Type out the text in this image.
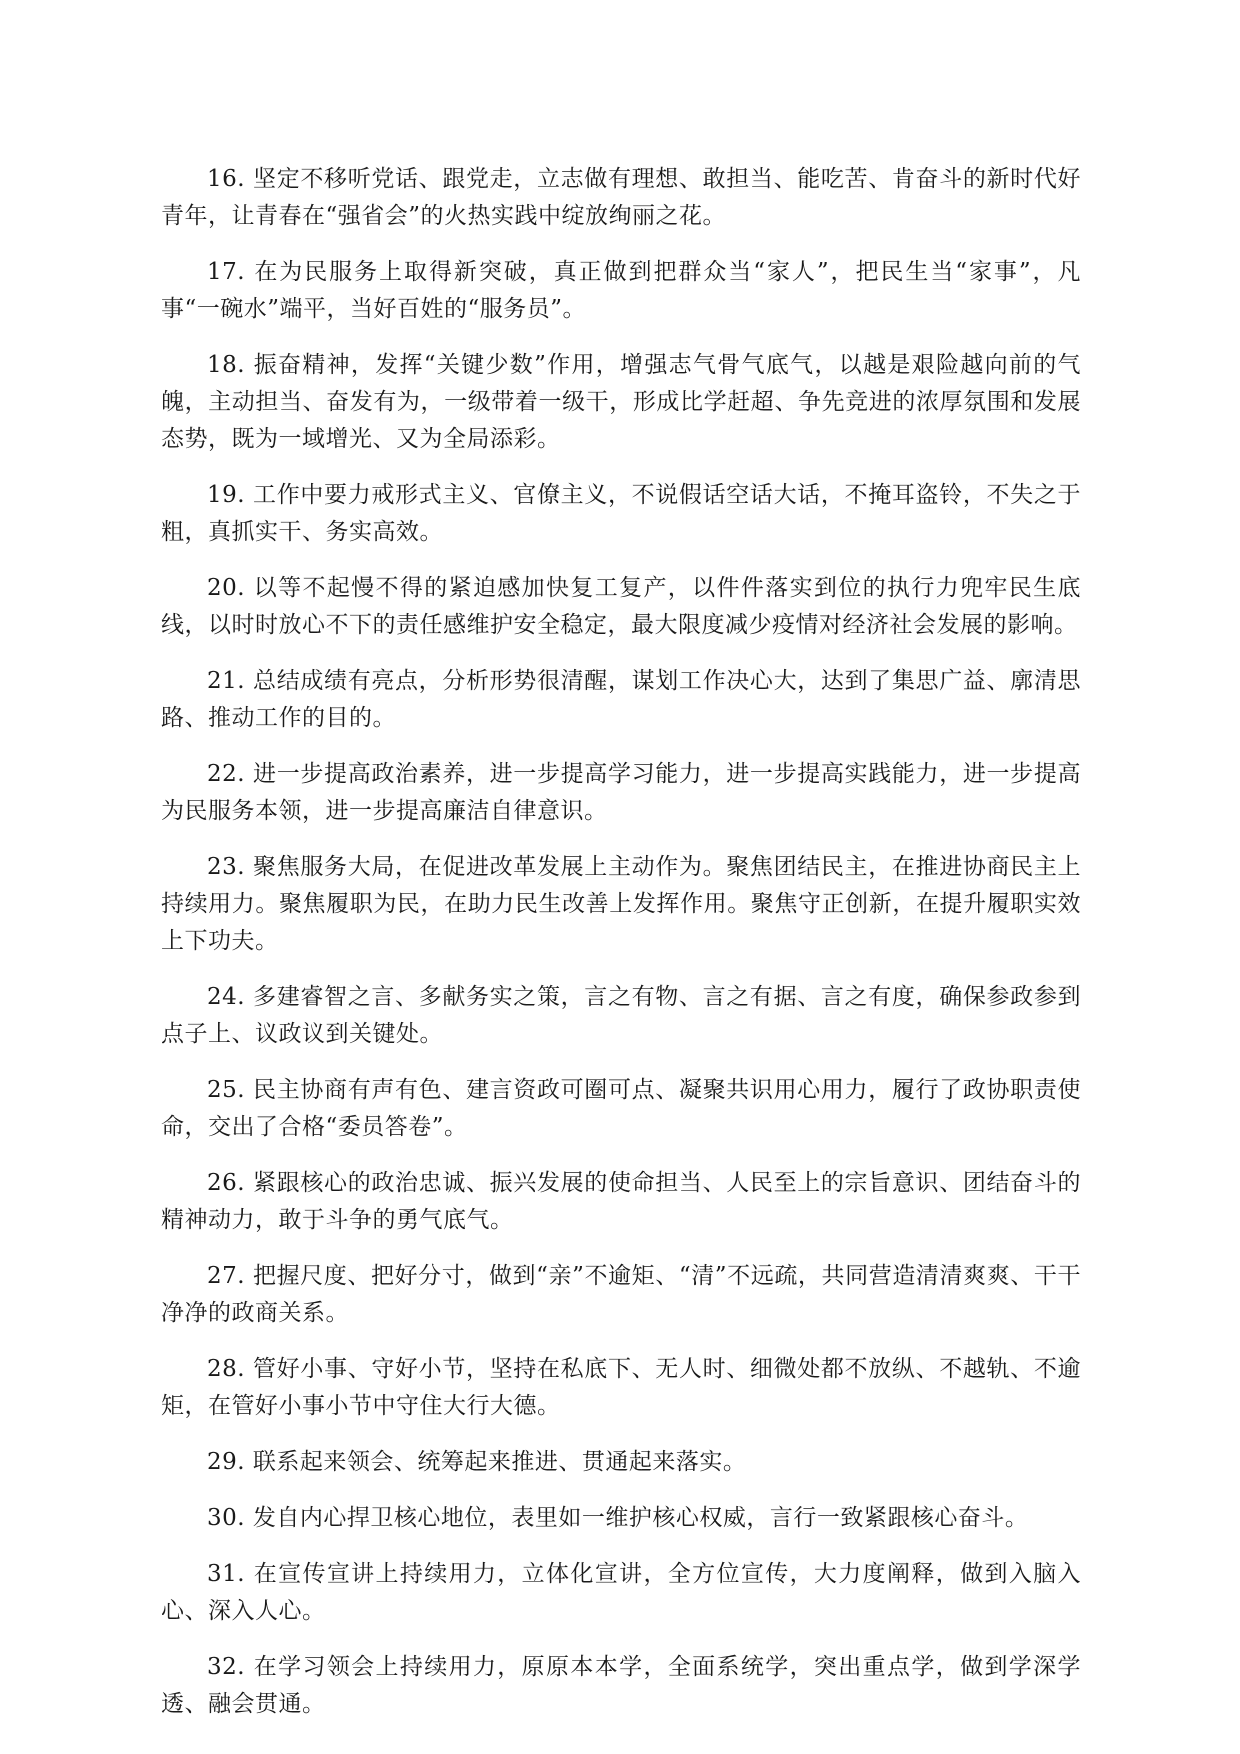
16. 坚定不移听党话、跟党走，立志做有理想、敢担当、能吃苦、肯奋斗的新时代好青年，让青春在“强省会”的火热实践中绽放绚丽之花。

17. 在为民服务上取得新突破，真正做到把群众当“家人”，把民生当“家事”，凡事“一碗水”端平，当好百姓的“服务员”。

18. 振奋精神，发挥“关键少数”作用，增强志气骨气底气，以越是艰险越向前的气魄，主动担当、奋发有为，一级带着一级干，形成比学赶超、争先竞进的浓厚氛围和发展态势，既为一域增光、又为全局添彩。

19. 工作中要力戒形式主义、官僚主义，不说假话空话大话，不掩耳盗铃，不失之于粗，真抓实干、务实高效。

20. 以等不起慢不得的紧迫感加快复工复产，以件件落实到位的执行力兜牢民生底线，以时时放心不下的责任感维护安全稳定，最大限度减少疫情对经济社会发展的影响。

21. 总结成绩有亮点，分析形势很清醒，谋划工作决心大，达到了集思广益、廓清思路、推动工作的目的。

22. 进一步提高政治素养，进一步提高学习能力，进一步提高实践能力，进一步提高为民服务本领，进一步提高廉洁自律意识。

23. 聚焦服务大局，在促进改革发展上主动作为。聚焦团结民主，在推进协商民主上持续用力。聚焦履职为民，在助力民生改善上发挥作用。聚焦守正创新，在提升履职实效上下功夫。

24. 多建睿智之言、多献务实之策，言之有物、言之有据、言之有度，确保参政参到点子上、议政议到关键处。

25. 民主协商有声有色、建言资政可圈可点、凝聚共识用心用力，履行了政协职责使命，交出了合格“委员答卷”。

26. 紧跟核心的政治忠诚、振兴发展的使命担当、人民至上的宗旨意识、团结奋斗的精神动力，敢于斗争的勇气底气。

27. 把握尺度、把好分寸，做到“亲”不逾矩、“清”不远疏，共同营造清清爽爽、干干净净的政商关系。

28. 管好小事、守好小节，坚持在私底下、无人时、细微处都不放纵、不越轨、不逾矩，在管好小事小节中守住大行大德。

29. 联系起来领会、统筹起来推进、贯通起来落实。

30. 发自内心捍卫核心地位，表里如一维护核心权威，言行一致紧跟核心奋斗。

31. 在宣传宣讲上持续用力，立体化宣讲，全方位宣传，大力度阐释，做到入脑入心、深入人心。

32. 在学习领会上持续用力，原原本本学，全面系统学，突出重点学，做到学深学透、融会贯通。
